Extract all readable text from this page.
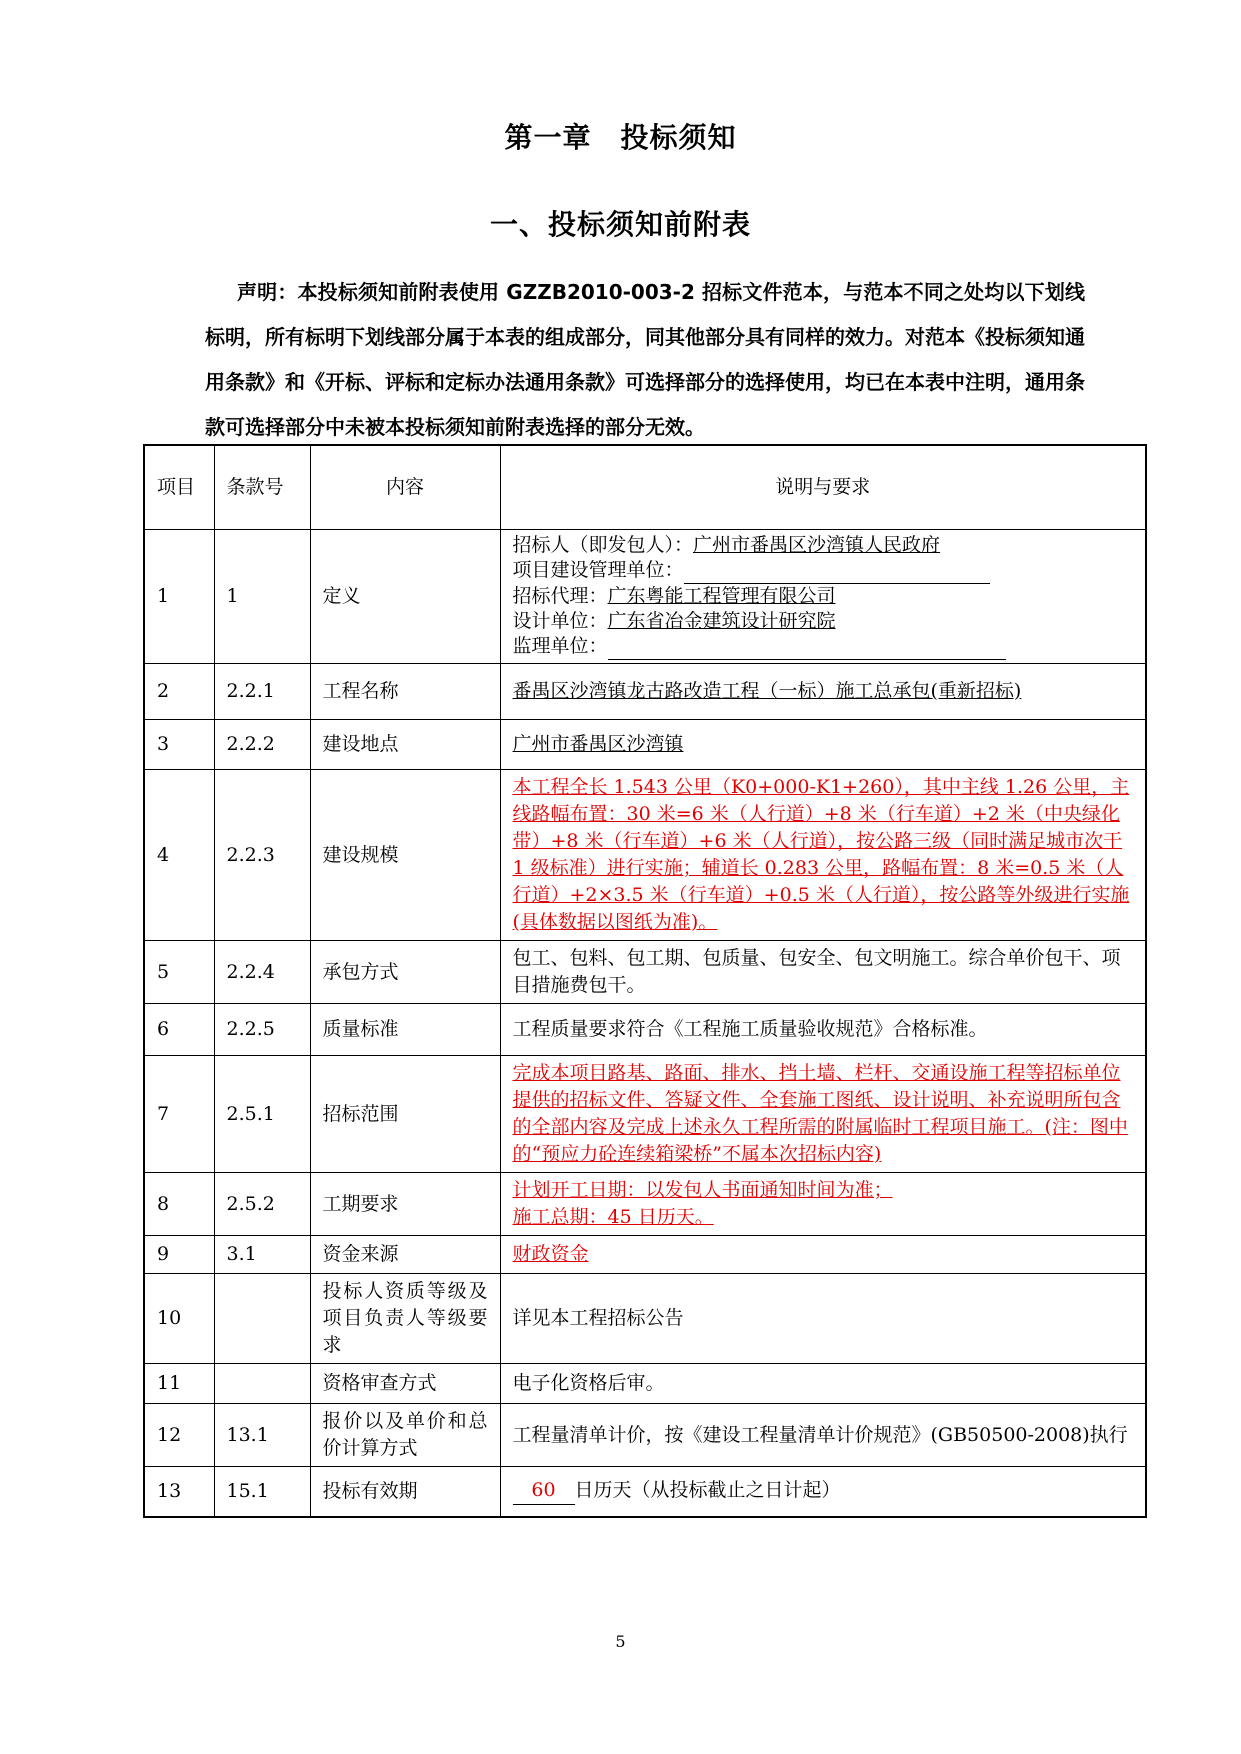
第一章　投标须知
一、投标须知前附表
声明：本投标须知前附表使用 GZZB2010-003-2 招标文件范本，与范本不同之处均以下划线标明，所有标明下划线部分属于本表的组成部分，同其他部分具有同样的效力。对范本《投标须知通用条款》和《开标、评标和定标办法通用条款》可选择部分的选择使用，均已在本表中注明，通用条款可选择部分中未被本投标须知前附表选择的部分无效。
项目	条款号	内容	说明与要求
1	1	定义	招标人（即发包人）：广州市番禺区沙湾镇人民政府
项目建设管理单位：
招标代理：广东粤能工程管理有限公司
设计单位：广东省冶金建筑设计研究院
监理单位：

2	2.2.1	工程名称	番禺区沙湾镇龙古路改造工程（一标）施工总承包(重新招标)
3	2.2.2	建设地点	广州市番禺区沙湾镇
4	2.2.3	建设规模	本工程全长 1.543 公里（K0+000-K1+260），其中主线 1.26 公里，主线路幅布置：30 米=6 米（人行道）+8 米（行车道）+2 米（中央绿化带）+8 米（行车道）+6 米（人行道），按公路三级（同时满足城市次干 1 级标准）进行实施；辅道长 0.283 公里，路幅布置：8 米=0.5 米（人行道）+2×3.5 米（行车道）+0.5 米（人行道），按公路等外级进行实施(具体数据以图纸为准)。
5	2.2.4	承包方式	包工、包料、包工期、包质量、包安全、包文明施工。综合单价包干、项目措施费包干。
6	2.2.5	质量标准	工程质量要求符合《工程施工质量验收规范》合格标准。
7	2.5.1	招标范围	完成本项目路基、路面、排水、挡土墙、栏杆、交通设施工程等招标单位提供的招标文件、答疑文件、全套施工图纸、设计说明、补充说明所包含的全部内容及完成上述永久工程所需的附属临时工程项目施工。(注：图中的“预应力砼连续箱梁桥”不属本次招标内容)
8	2.5.2	工期要求	计划开工日期：以发包人书面通知时间为准；
施工总期：45 日历天。

9	3.1	资金来源	财政资金
10		投标人资质等级及项目负责人等级要求	详见本工程招标公告
11		资格审查方式	电子化资格后审。
12	13.1	报价以及单价和总价计算方式	工程量清单计价，按《建设工程量清单计价规范》(GB50500-2008)执行
13	15.1	投标有效期	60 日历天（从投标截止之日计起）
5
